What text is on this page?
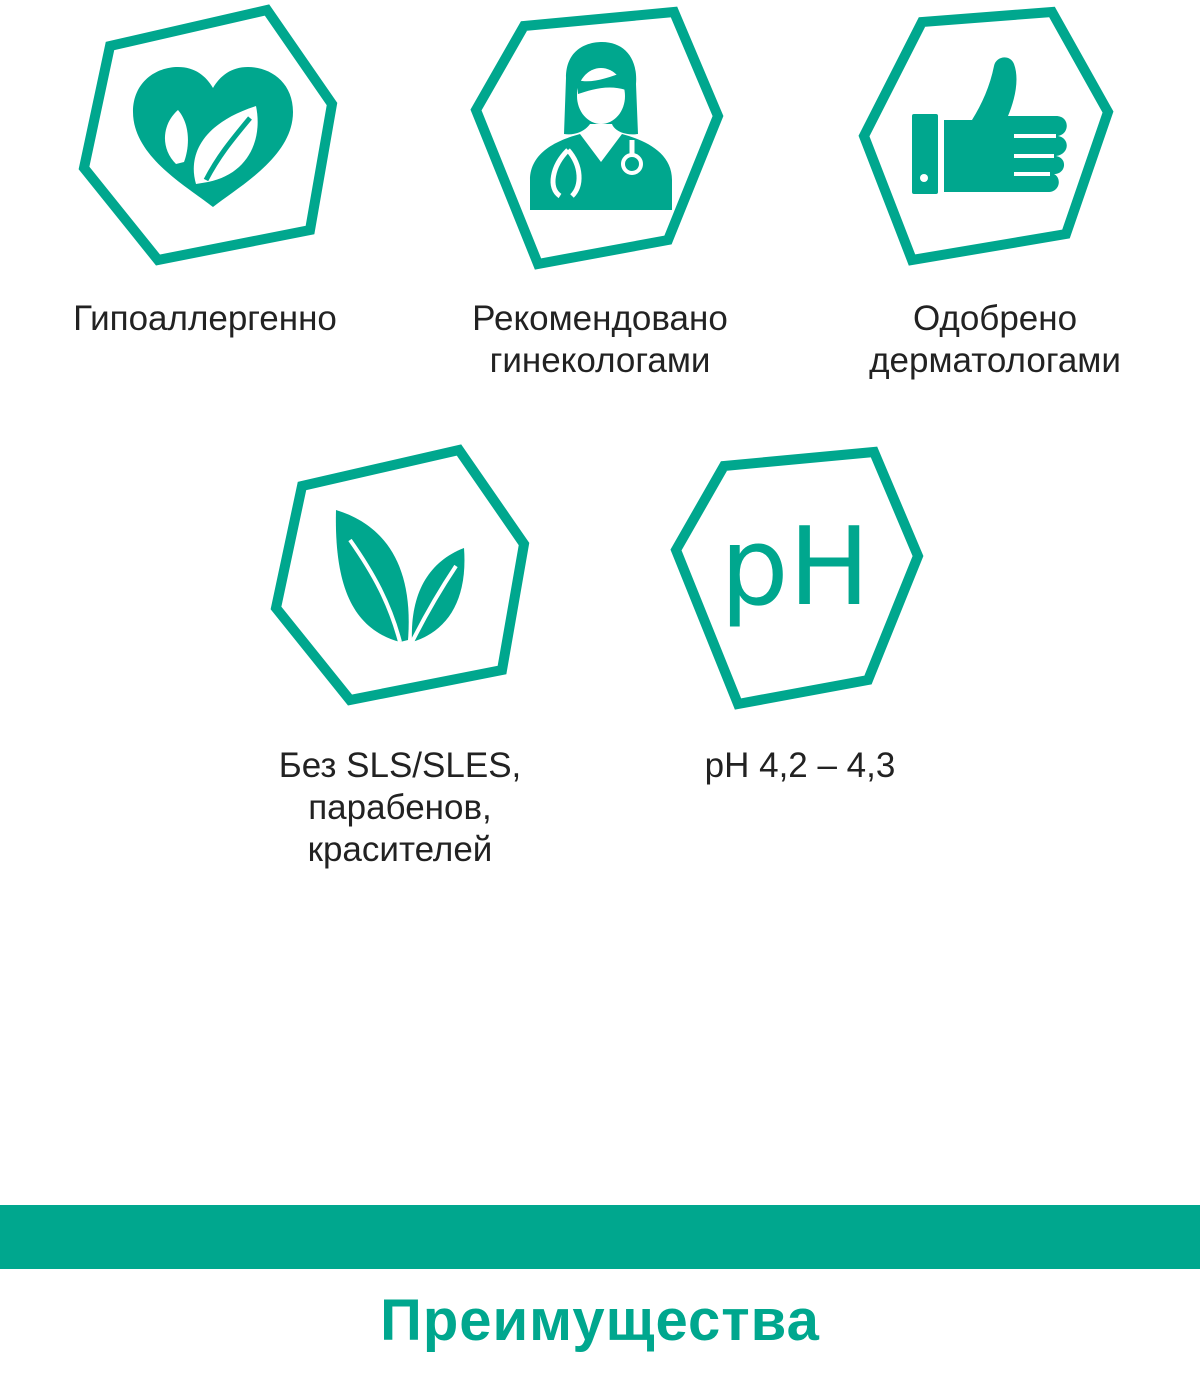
Гипоаллергенно	Рекомендовано
гинекологами
Одобрено
дерматологами
Без SLS/SLES,
парабенов,
красителей
pH
pH 4,2 – 4,3
Преимущества
